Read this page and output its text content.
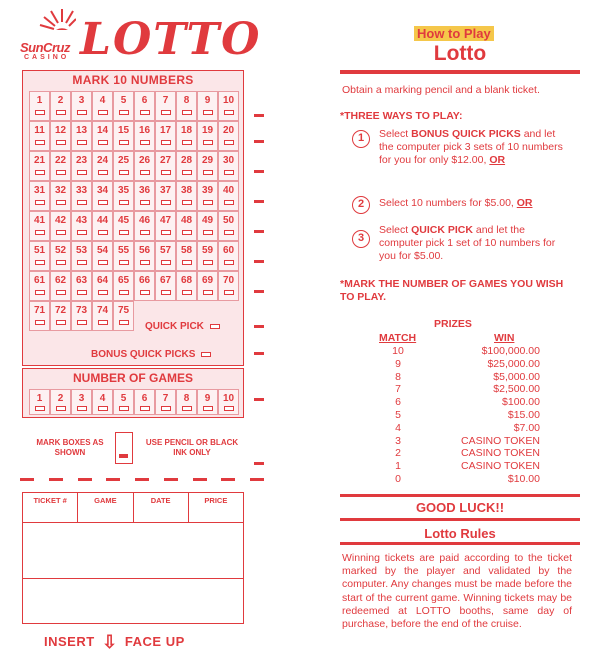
SunCruz
CASINO LOTTO
MARK 10 NUMBERS
1	2	3	4	5	6	7	8	9	10
11	12 13 14 15 16 17 18 19 20
21 22 23 24 25 26 27 28 29 30
31 32 33 34 35 36 37 38 39 40
41 42 43 44 45 46 47 48 49 50
51 52 53 54 55 56 57 58 59 60
61 62 63 64 65 66 67 68 69 70
71 72 73 74 75
QUICK PICK
BONUS QUICK PICKS
NUMBER OF GAMES
1	2	3	4	5	6	7	8	9	10
MARK BOXES AS SHOWN
USE PENCIL OR BLACK INK ONLY
TICKET #	GAME	DATE	PRICE
INSERT ⇩ FACE UP
How to Play
Lotto
Obtain a marking pencil and a blank ticket.
*THREE WAYS TO PLAY:
1	Select BONUS QUICK PICKS and let the computer pick 3 sets of 10 numbers for you for only $12.00, OR
2	Select 10 numbers for $5.00, OR
3
Select QUICK PICK and let the computer pick 1 set of 10 numbers for you for $5.00.
*MARK THE NUMBER OF GAMES YOU WISH TO PLAY.
PRIZES
MATCH	WIN
10	$100,000.00
9	$25,000.00
8	$5,000.00
7	$2,500.00
6	$100.00
5	$15.00
4	$7.00
3	CASINO TOKEN
2	CASINO TOKEN
1	CASINO TOKEN
0	$10.00
GOOD LUCK!!
Lotto Rules
Winning tickets are paid according to the ticket marked by the player and validated by the computer. Any changes must be made before the start of the current game. Winning tickets may be redeemed at LOTTO booths, same day of purchase, before the end of the cruise.
